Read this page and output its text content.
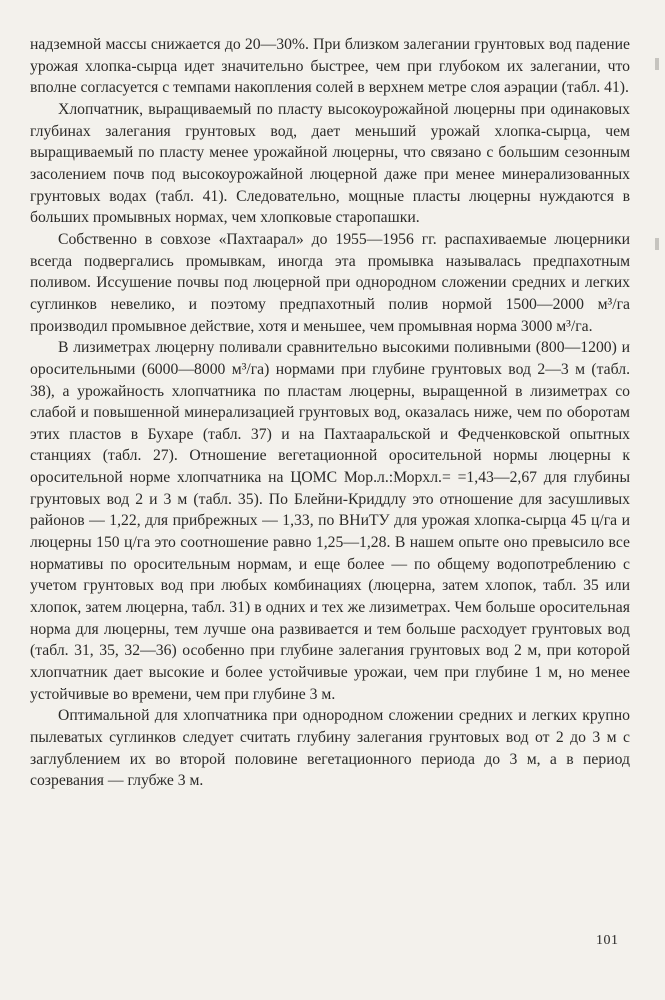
надземной массы снижается до 20—30%. При близком залегании грунтовых вод падение урожая хлопка-сырца идет значительно быстрее, чем при глубоком их залегании, что вполне согласуется с темпами накопления солей в верхнем метре слоя аэрации (табл. 41).

Хлопчатник, выращиваемый по пласту высокоурожайной люцерны при одинаковых глубинах залегания грунтовых вод, дает меньший урожай хлопка-сырца, чем выращиваемый по пласту менее урожайной люцерны, что связано с большим сезонным засолением почв под высокоурожайной люцерной даже при менее минерализованных грунтовых водах (табл. 41). Следовательно, мощные пласты люцерны нуждаются в больших промывных нормах, чем хлопковые старопашки.

Собственно в совхозе «Пахтаарал» до 1955—1956 гг. распахиваемые люцерники всегда подвергались промывкам, иногда эта промывка называлась предпахотным поливом. Иссушение почвы под люцерной при однородном сложении средних и легких суглинков невелико, и поэтому предпахотный полив нормой 1500—2000 м³/га производил промывное действие, хотя и меньшее, чем промывная норма 3000 м³/га.

В лизиметрах люцерну поливали сравнительно высокими поливными (800—1200) и оросительными (6000—8000 м³/га) нормами при глубине грунтовых вод 2—3 м (табл. 38), а урожайность хлопчатника по пластам люцерны, выращенной в лизиметрах со слабой и повышенной минерализацией грунтовых вод, оказалась ниже, чем по оборотам этих пластов в Бухаре (табл. 37) и на Пахтааральской и Федченковской опытных станциях (табл. 27). Отношение вегетационной оросительной нормы люцерны к оросительной норме хлопчатника на ЦОМС Мор.л.:Морхл.= =1,43—2,67 для глубины грунтовых вод 2 и 3 м (табл. 35). По Блейни-Криддлу это отношение для засушливых районов — 1,22, для прибрежных — 1,33, по ВНиТУ для урожая хлопка-сырца 45 ц/га и люцерны 150 ц/га это соотношение равно 1,25—1,28. В нашем опыте оно превысило все нормативы по оросительным нормам, и еще более — по общему водопотреблению с учетом грунтовых вод при любых комбинациях (люцерна, затем хлопок, табл. 35 или хлопок, затем люцерна, табл. 31) в одних и тех же лизиметрах. Чем больше оросительная норма для люцерны, тем лучше она развивается и тем больше расходует грунтовых вод (табл. 31, 35, 32—36) особенно при глубине залегания грунтовых вод 2 м, при которой хлопчатник дает высокие и более устойчивые урожаи, чем при глубине 1 м, но менее устойчивые во времени, чем при глубине 3 м.

Оптимальной для хлопчатника при однородном сложении средних и легких крупно пылеватых суглинков следует считать глубину залегания грунтовых вод от 2 до 3 м с заглублением их во второй половине вегетационного периода до 3 м, а в период созревания — глубже 3 м.

101
